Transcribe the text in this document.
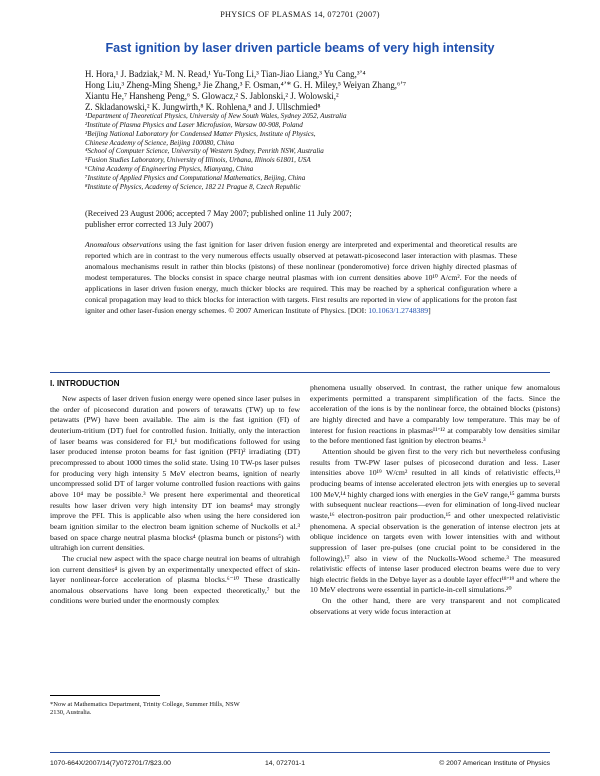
PHYSICS OF PLASMAS 14, 072701 (2007)
Fast ignition by laser driven particle beams of very high intensity
H. Hora,¹ J. Badziak,² M. N. Read,¹ Yu-Tong Li,³ Tian-Jiao Liang,³ Yu Cang,³ʼ⁴
Hong Liu,³ Zheng-Ming Sheng,³ Jie Zhang,³ F. Osman,⁴ʼ* G. H. Miley,⁵ Weiyan Zhang,⁶ʼ⁷
Xiantu He,⁷ Hansheng Peng,⁶ S. Glowacz,² S. Jablonski,² J. Wolowski,²
Z. Skladanowski,² K. Jungwirth,⁸ K. Rohlena,⁸ and J. Ullschmied⁸
¹Department of Theoretical Physics, University of New South Wales, Sydney 2052, Australia
²Institute of Plasma Physics and Laser Microfusion, Warsaw 00-908, Poland
³Beijing National Laboratory for Condensed Matter Physics, Institute of Physics,
Chinese Academy of Science, Beijing 100080, China
⁴School of Computer Science, University of Western Sydney, Penrith NSW, Australia
⁵Fusion Studies Laboratory, University of Illinois, Urbana, Illinois 61801, USA
⁶China Academy of Engineering Physics, Mianyang, China
⁷Institute of Applied Physics and Computational Mathematics, Beijing, China
⁸Institute of Physics, Academy of Science, 182 21 Prague 8, Czech Republic
(Received 23 August 2006; accepted 7 May 2007; published online 11 July 2007;
publisher error corrected 13 July 2007)
Anomalous observations using the fast ignition for laser driven fusion energy are interpreted and experimental and theoretical results are reported which are in contrast to the very numerous effects usually observed at petawatt-picosecond laser interaction with plasmas. These anomalous mechanisms result in rather thin blocks (pistons) of these nonlinear (ponderomotive) force driven highly directed plasmas of modest temperatures. The blocks consist in space charge neutral plasmas with ion current densities above 10¹⁰ A/cm². For the needs of applications in laser driven fusion energy, much thicker blocks are required. This may be reached by a spherical configuration where a conical propagation may lead to thick blocks for interaction with targets. First results are reported in view of applications for the proton fast igniter and other laser-fusion energy schemes. © 2007 American Institute of Physics. [DOI: 10.1063/1.2748389]
I. INTRODUCTION

New aspects of laser driven fusion energy were opened since laser pulses in the order of picosecond duration and powers of terawatts (TW) up to few petawatts (PW) have been available. The aim is the fast ignition (FI) of deuterium-tritium (DT) fuel for controlled fusion. Initially, only the interaction of laser beams was considered for FI,¹ but modifications followed for using laser produced intense proton beams for fast ignition (PFI)² irradiating (DT) precompressed to about 1000 times the solid state. Using 10 TW-ps laser pulses for producing very high intensity 5 MeV electron beams, ignition of nearly uncompressed solid DT of larger volume controlled fusion reactions with gains above 10⁴ may be possible.³ We present here experimental and theoretical results how laser driven very high intensity DT ion beams⁴ may strongly improve the PFI. This is applicable also when using the here considered ion beam ignition similar to the electron beam ignition scheme of Nuckolls et al.³ based on space charge neutral plasma blocks⁴ (plasma bunch or pistons⁵) with ultrahigh ion current densities.

The crucial new aspect with the space charge neutral ion beams of ultrahigh ion current densities⁴ is given by an experimentally unexpected effect of skin-layer nonlinear-force acceleration of plasma blocks.⁶⁻¹⁰ These drastically anomalous observations have long been expected theoretically,⁷ but the conditions were buried under the enormously complex

phenomena usually observed. In contrast, the rather unique few anomalous experiments permitted a transparent simplification of the facts. Since the acceleration of the ions is by the nonlinear force, the obtained blocks (pistons) are highly directed and have a comparably low temperature. This may be of interest for fusion reactions in plasmas¹¹ʼ¹² at comparably low densities similar to the before mentioned fast ignition by electron beams.³

Attention should be given first to the very rich but nevertheless confusing results from TW-PW laser pulses of picosecond duration and less. Laser intensities above 10¹⁹ W/cm² resulted in all kinds of relativistic effects,¹³ producing beams of intense accelerated electron jets with energies up to several 100 MeV,¹⁴ highly charged ions with energies in the GeV range,¹⁵ gamma bursts with subsequent nuclear reactions—even for elimination of long-lived nuclear waste,¹⁶ electron-positron pair production,¹⁵ and other unexpected relativistic phenomena. A special observation is the generation of intense electron jets at oblique incidence on targets even with lower intensities with and without suppression of laser pre-pulses (one crucial point to be considered in the following),¹⁷ also in view of the Nuckolls-Wood scheme.³ The measured relativistic effects of intense laser produced electron beams were due to very high electric fields in the Debye layer as a double layer effect¹⁸ʼ¹⁹ and where the 10 MeV electrons were essential in particle-in-cell simulations.²⁰

On the other hand, there are very transparent and not complicated observations at very wide focus interaction at

*Now at Mathematics Department, Trinity College, Summer Hills, NSW
2130, Australia.
1070-664X/2007/14(7)/072701/7/$23.00	14, 072701-1	© 2007 American Institute of Physics
